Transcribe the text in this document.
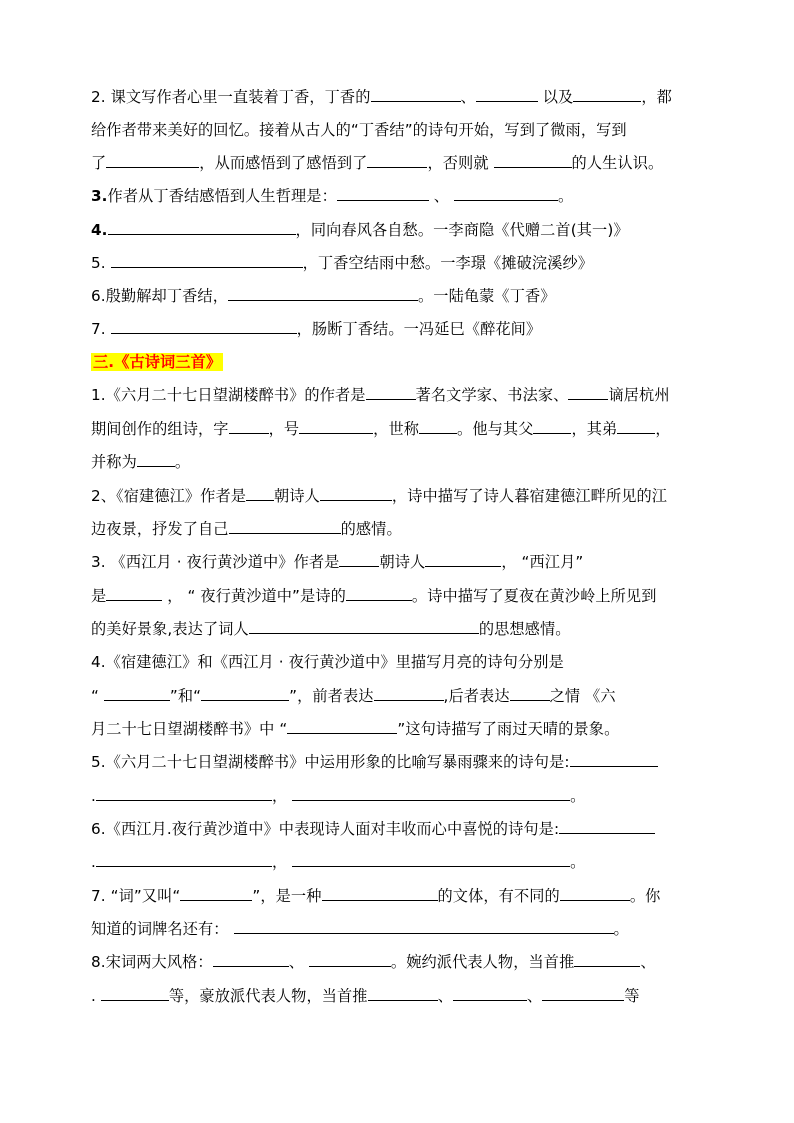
2. 课文写作者心里一直装着丁香，丁香的	、	以及	，都
给作者带来美好的回忆。接着从古人的“丁香结”的诗句开始，写到了微雨，写到
了	，从而感悟到了感悟到了	，否则就	的人生认识。
3.作者从丁香结感悟到人生哲理是：	、	。
4.	，同向春风各自愁。一李商隐《代赠二首(其一)》
5.	，丁香空结雨中愁。一李璟《摊破浣溪纱》
6.殷勤解却丁香结，	。一陆龟蒙《丁香》
7.	，肠断丁香结。一冯延巳《醉花间》
三.《古诗词三首》
1.《六月二十七日望湖楼醉书》的作者是	著名文学家、书法家、	谪居杭州
期间创作的组诗，字	，号	，世称	。他与其父	，其弟	，
并称为	。
2、《宿建德江》作者是 朝诗人	，诗中描写了诗人暮宿建德江畔所见的江
边夜景，抒发了自己	的感情。
3. 《西江月 · 夜行黄沙道中》作者是	朝诗人	， “西江月”
是	， “ 夜行黄沙道中”是诗的	。诗中描写了夏夜在黄沙岭上所见到
的美好景象,表达了词人	的思想感情。
4.《宿建德江》和《西江月 · 夜行黄沙道中》里描写月亮的诗句分别是
“	”和“	”，前者表达	,后者表达	之情 《六
月二十七日望湖楼醉书》中 “	”这句诗描写了雨过天晴的景象。
5.《六月二十七日望湖楼醉书》中运用形象的比喻写暴雨骤来的诗句是:
.	，	。
6.《西江月.夜行黄沙道中》中表现诗人面对丰收而心中喜悦的诗句是:
.	，	。
7. “词”又叫“	”，是一种	的文体，有不同的	。你
知道的词牌名还有：	。
8.宋词两大风格：	、	。婉约派代表人物，当首推	、
.	等，豪放派代表人物，当首推	、	、	等
